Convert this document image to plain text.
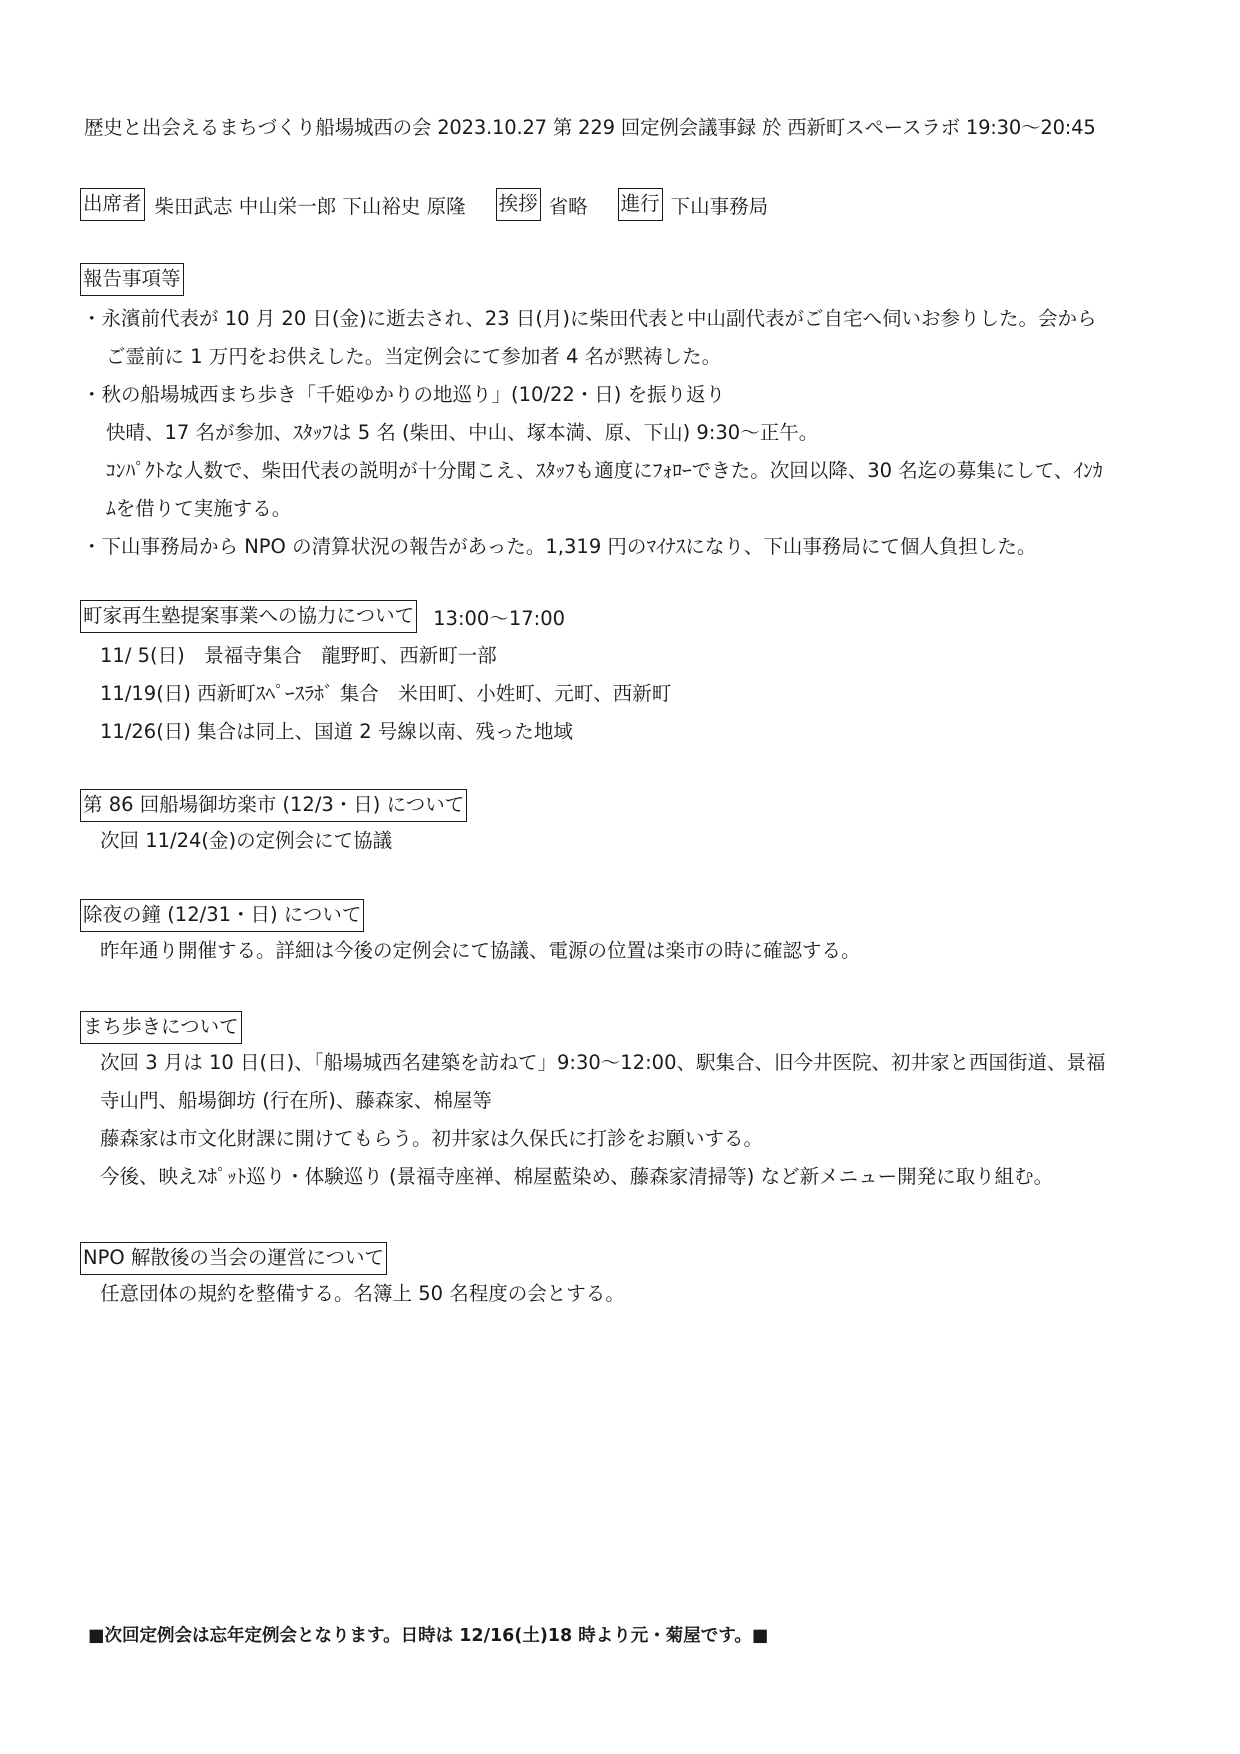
歴史と出会えるまちづくり船場城西の会 2023.10.27 第 229 回定例会議事録 於 西新町スペースラボ 19:30〜20:45
出席者 柴田武志 中山栄一郎 下山裕史 原隆 挨拶 省略 進行 下山事務局
報告事項等
・永濱前代表が 10 月 20 日(金)に逝去され、23 日(月)に柴田代表と中山副代表がご自宅へ伺いお参りした。会から
ご霊前に 1 万円をお供えした。当定例会にて参加者 4 名が黙祷した。
・秋の船場城西まち歩き「千姫ゆかりの地巡り」(10/22・日) を振り返り
快晴、17 名が参加、ｽﾀｯﾌは 5 名 (柴田、中山、塚本満、原、下山) 9:30〜正午。
ｺﾝﾊﾟｸﾄな人数で、柴田代表の説明が十分聞こえ、ｽﾀｯﾌも適度にﾌｫﾛｰできた。次回以降、30 名迄の募集にして、ｲﾝｶ
ﾑを借りて実施する。
・下山事務局から NPO の清算状況の報告があった。1,319 円のﾏｲﾅｽになり、下山事務局にて個人負担した。
町家再生塾提案事業への協力について 13:00〜17:00
11/ 5(日)　景福寺集合　龍野町、西新町一部
11/19(日) 西新町ｽﾍﾟｰｽﾗﾎﾞ 集合　米田町、小姓町、元町、西新町
11/26(日) 集合は同上、国道 2 号線以南、残った地域
第 86 回船場御坊楽市 (12/3・日) について
次回 11/24(金)の定例会にて協議
除夜の鐘 (12/31・日) について
昨年通り開催する。詳細は今後の定例会にて協議、電源の位置は楽市の時に確認する。
まち歩きについて
次回 3 月は 10 日(日)、「船場城西名建築を訪ねて」9:30〜12:00、駅集合、旧今井医院、初井家と西国街道、景福
寺山門、船場御坊 (行在所)、藤森家、棉屋等
藤森家は市文化財課に開けてもらう。初井家は久保氏に打診をお願いする。
今後、映えｽﾎﾟｯﾄ巡り・体験巡り (景福寺座禅、棉屋藍染め、藤森家清掃等) など新メニュー開発に取り組む。
NPO 解散後の当会の運営について
任意団体の規約を整備する。名簿上 50 名程度の会とする。
■次回定例会は忘年定例会となります。日時は 12/16(土)18 時より元・菊屋です。■
